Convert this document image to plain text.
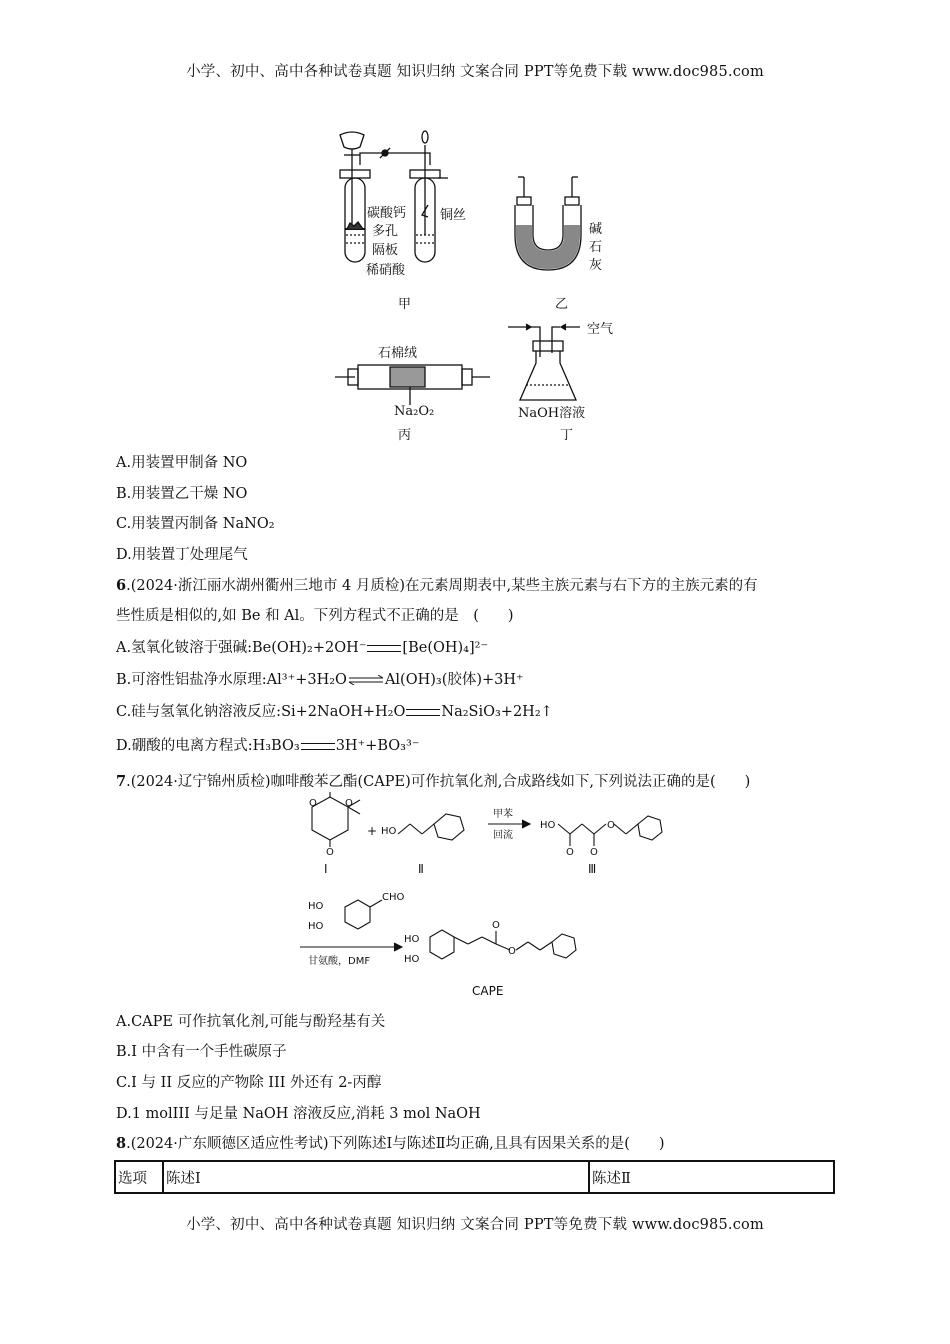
小学、初中、高中各种试卷真题 知识归纳 文案合同 PPT等免费下载 www.doc985.com
碳酸钙
多孔
隔板
稀硝酸
铜丝
甲
碱
石
灰
乙
石棉绒
Na₂O₂
丙
空气
NaOH溶液
丁
A.用装置甲制备 NO
B.用装置乙干燥 NO
C.用装置丙制备 NaNO₂
D.用装置丁处理尾气
6.(2024·浙江丽水湖州衢州三地市 4 月质检)在元素周期表中,某些主族元素与右下方的主族元素的有
些性质是相似的,如 Be 和 Al。下列方程式不正确的是　(　　)
A.氢氧化铍溶于强碱:Be(OH)₂+2OH⁻ [Be(OH)₄]²⁻
B.可溶性铝盐净水原理:Al³⁺+3H₂O⇌Al(OH)₃(胶体)+3H⁺
C.硅与氢氧化钠溶液反应:Si+2NaOH+H₂O Na₂SiO₃+2H₂↑
D.硼酸的电离方程式:H₃BO₃ 3H⁺+BO₃³⁻
7.(2024·辽宁锦州质检)咖啡酸苯乙酯(CAPE)可作抗氧化剂,合成路线如下,下列说法正确的是(　　)
O	O
O
HO
O O
O
O
O
HO
+
Ⅰ	Ⅱ	Ⅲ
甲苯
回流
HO
HO
CHO
甘氨酸，DMF
HO
HO
CAPE
A.CAPE 可作抗氧化剂,可能与酚羟基有关
B.I 中含有一个手性碳原子
C.I 与 II 反应的产物除 III 外还有 2-丙醇
D.1 molIII 与足量 NaOH 溶液反应,消耗 3 mol NaOH
8.(2024·广东顺德区适应性考试)下列陈述Ⅰ与陈述Ⅱ均正确,且具有因果关系的是(　　)
选项	陈述Ⅰ	陈述Ⅱ
小学、初中、高中各种试卷真题 知识归纳 文案合同 PPT等免费下载 www.doc985.com
